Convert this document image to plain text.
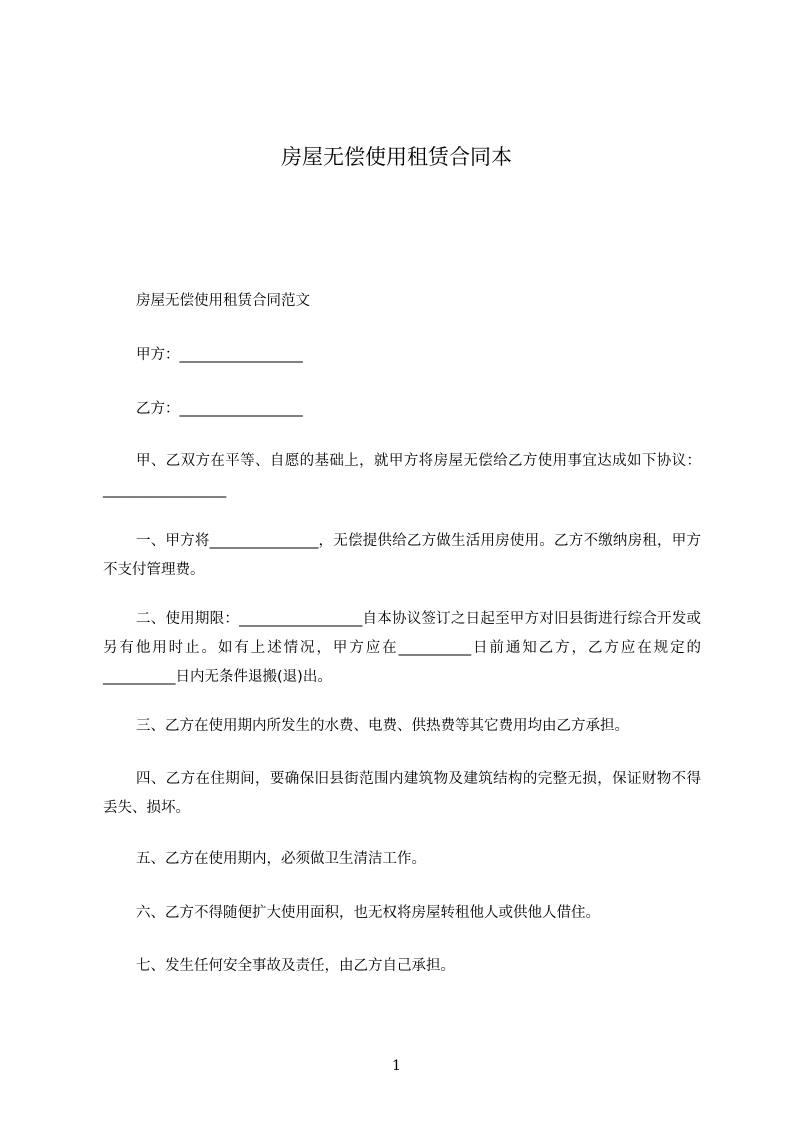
房屋无偿使用租赁合同本

房屋无偿使用租赁合同范文

甲方：_________________

乙方：_________________

甲、乙双方在平等、自愿的基础上，就甲方将房屋无偿给乙方使用事宜达成如下协议：_________________

一、甲方将_______________，无偿提供给乙方做生活用房使用。乙方不缴纳房租，甲方不支付管理费。

二、使用期限：_________________自本协议签订之日起至甲方对旧县街进行综合开发或另有他用时止。如有上述情况，甲方应在__________日前通知乙方，乙方应在规定的__________日内无条件退搬(退)出。

三、乙方在使用期内所发生的水费、电费、供热费等其它费用均由乙方承担。

四、乙方在住期间，要确保旧县街范围内建筑物及建筑结构的完整无损，保证财物不得丢失、损坏。

五、乙方在使用期内，必须做卫生清洁工作。

六、乙方不得随便扩大使用面积，也无权将房屋转租他人或供他人借住。

七、发生任何安全事故及责任，由乙方自己承担。

1
